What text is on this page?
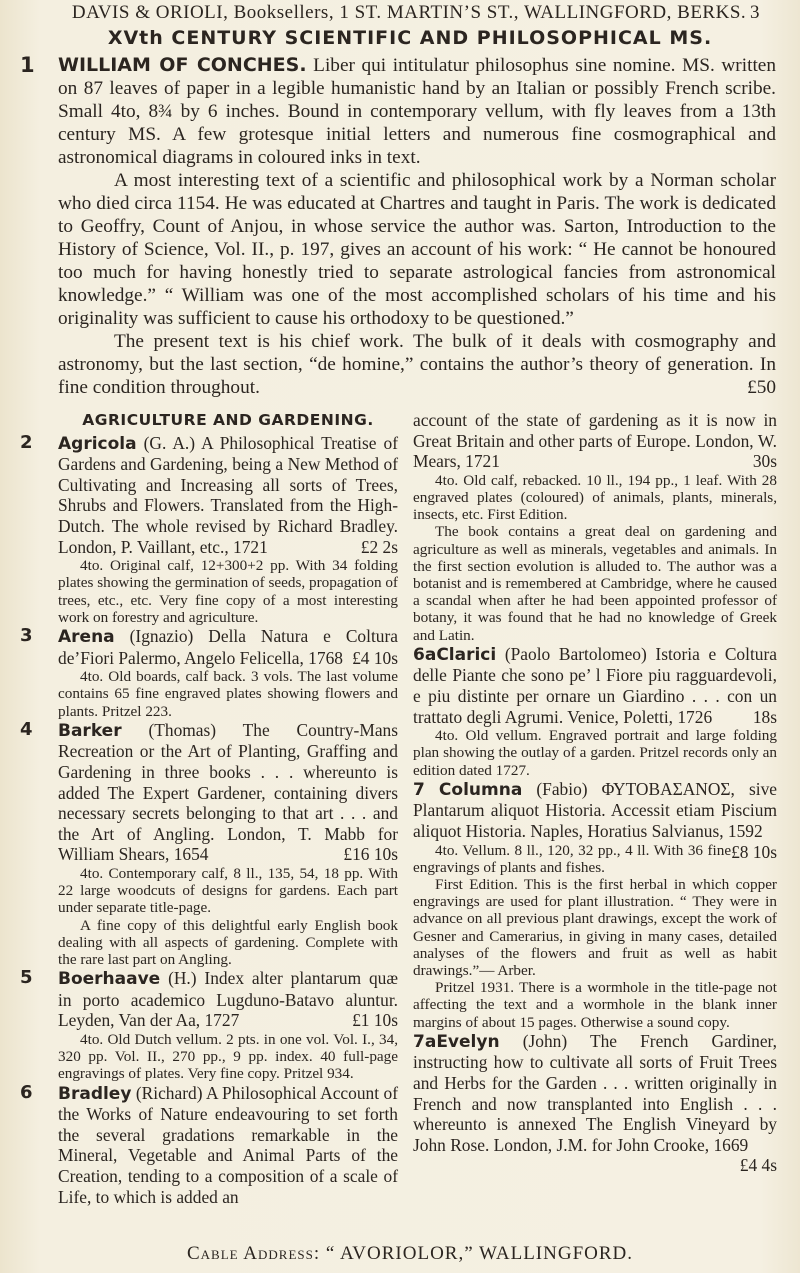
DAVIS & ORIOLI, Booksellers, 1 ST. MARTIN’S ST., WALLINGFORD, BERKS. 3
XVth CENTURY SCIENTIFIC AND PHILOSOPHICAL MS.
1 WILLIAM OF CONCHES. Liber qui intitulatur philosophus sine nomine. MS. written on 87 leaves of paper in a legible humanistic hand by an Italian or possibly French scribe. Small 4to, 8¾ by 6 inches. Bound in contemporary vellum, with fly leaves from a 13th century MS. A few grotesque initial letters and numerous fine cosmographical and astronomical diagrams in coloured inks in text.

A most interesting text of a scientific and philosophical work by a Norman scholar who died circa 1154. He was educated at Chartres and taught in Paris. The work is dedicated to Geoffry, Count of Anjou, in whose service the author was. Sarton, Introduction to the History of Science, Vol. II., p. 197, gives an account of his work: “ He cannot be honoured too much for having honestly tried to separate astrological fancies from astronomical knowledge.” “ William was one of the most accomplished scholars of his time and his originality was sufficient to cause his orthodoxy to be questioned.”

The present text is his chief work. The bulk of it deals with cosmography and astronomy, but the last section, “de homine,” contains the author’s theory of generation. In fine condition throughout.	£50

AGRICULTURE AND GARDENING.
2 Agricola (G. A.) A Philosophical Treatise of Gardens and Gardening, being a New Method of Cultivating and Increasing all sorts of Trees, Shrubs and Flowers. Translated from the High-Dutch. The whole revised by Richard Bradley. London, P. Vaillant, etc., 1721	£2 2s

4to. Original calf, 12+300+2 pp. With 34 folding plates showing the germination of seeds, propagation of trees, etc., etc. Very fine copy of a most interesting work on forestry and agriculture.

3 Arena (Ignazio) Della Natura e Coltura de’Fiori Palermo, Angelo Felicella, 1768 £4 10s

4to. Old boards, calf back. 3 vols. The last volume contains 65 fine engraved plates showing flowers and plants. Pritzel 223.

4 Barker (Thomas) The Country-Mans Recreation or the Art of Planting, Graffing and Gardening in three books . . . whereunto is added The Expert Gardener, containing divers necessary secrets belonging to that art . . . and the Art of Angling. London, T. Mabb for William Shears, 1654	£16 10s

4to. Contemporary calf, 8 ll., 135, 54, 18 pp. With 22 large woodcuts of designs for gardens. Each part under separate title-page.

A fine copy of this delightful early English book dealing with all aspects of gardening. Complete with the rare last part on Angling.

5 Boerhaave (H.) Index alter plantarum quæ in porto academico Lugduno-Batavo aluntur. Leyden, Van der Aa, 1727	£1 10s

4to. Old Dutch vellum. 2 pts. in one vol. Vol. I., 34, 320 pp. Vol. II., 270 pp., 9 pp. index. 40 full-page engravings of plates. Very fine copy. Pritzel 934.

6 Bradley (Richard) A Philosophical Account of the Works of Nature endeavouring to set forth the several gradations remarkable in the Mineral, Vegetable and Animal Parts of the Creation, tending to a composition of a scale of Life, to which is added an

account of the state of gardening as it is now in Great Britain and other parts of Europe. London, W. Mears, 1721	30s

4to. Old calf, rebacked. 10 ll., 194 pp., 1 leaf. With 28 engraved plates (coloured) of animals, plants, minerals, insects, etc. First Edition.

The book contains a great deal on gardening and agriculture as well as minerals, vegetables and animals. In the first section evolution is alluded to. The author was a botanist and is remembered at Cambridge, where he caused a scandal when after he had been appointed professor of botany, it was found that he had no knowledge of Greek and Latin.

6aClarici (Paolo Bartolomeo) Istoria e Coltura delle Piante che sono pe’ l Fiore piu ragguardevoli, e piu distinte per ornare un Giardino . . . con un trattato degli Agrumi. Venice, Poletti, 1726 18s

4to. Old vellum. Engraved portrait and large folding plan showing the outlay of a garden. Pritzel records only an edition dated 1727.

7 Columna (Fabio) ΦΥΤΟΒΑΣΑΝΟΣ, sive Plantarum aliquot Historia. Accessit etiam Piscium aliquot Historia. Naples, Horatius Salvianus, 1592
£8 10s

4to. Vellum. 8 ll., 120, 32 pp., 4 ll. With 36 fine engravings of plants and fishes.

First Edition. This is the first herbal in which copper engravings are used for plant illustration. “ They were in advance on all previous plant drawings, except the work of Gesner and Camerarius, in giving in many cases, detailed analyses of the flowers and fruit as well as habit drawings.”— Arber.

Pritzel 1931. There is a wormhole in the title-page not affecting the text and a wormhole in the blank inner margins of about 15 pages. Otherwise a sound copy.

7aEvelyn (John) The French Gardiner, instructing how to cultivate all sorts of Fruit Trees and Herbs for the Garden . . . written originally in French and now transplanted into English . . . whereunto is annexed The English Vineyard by John Rose. London, J.M. for John Crooke, 1669
£4 4s

Cable Address: “ AVORIOLOR,” WALLINGFORD.
